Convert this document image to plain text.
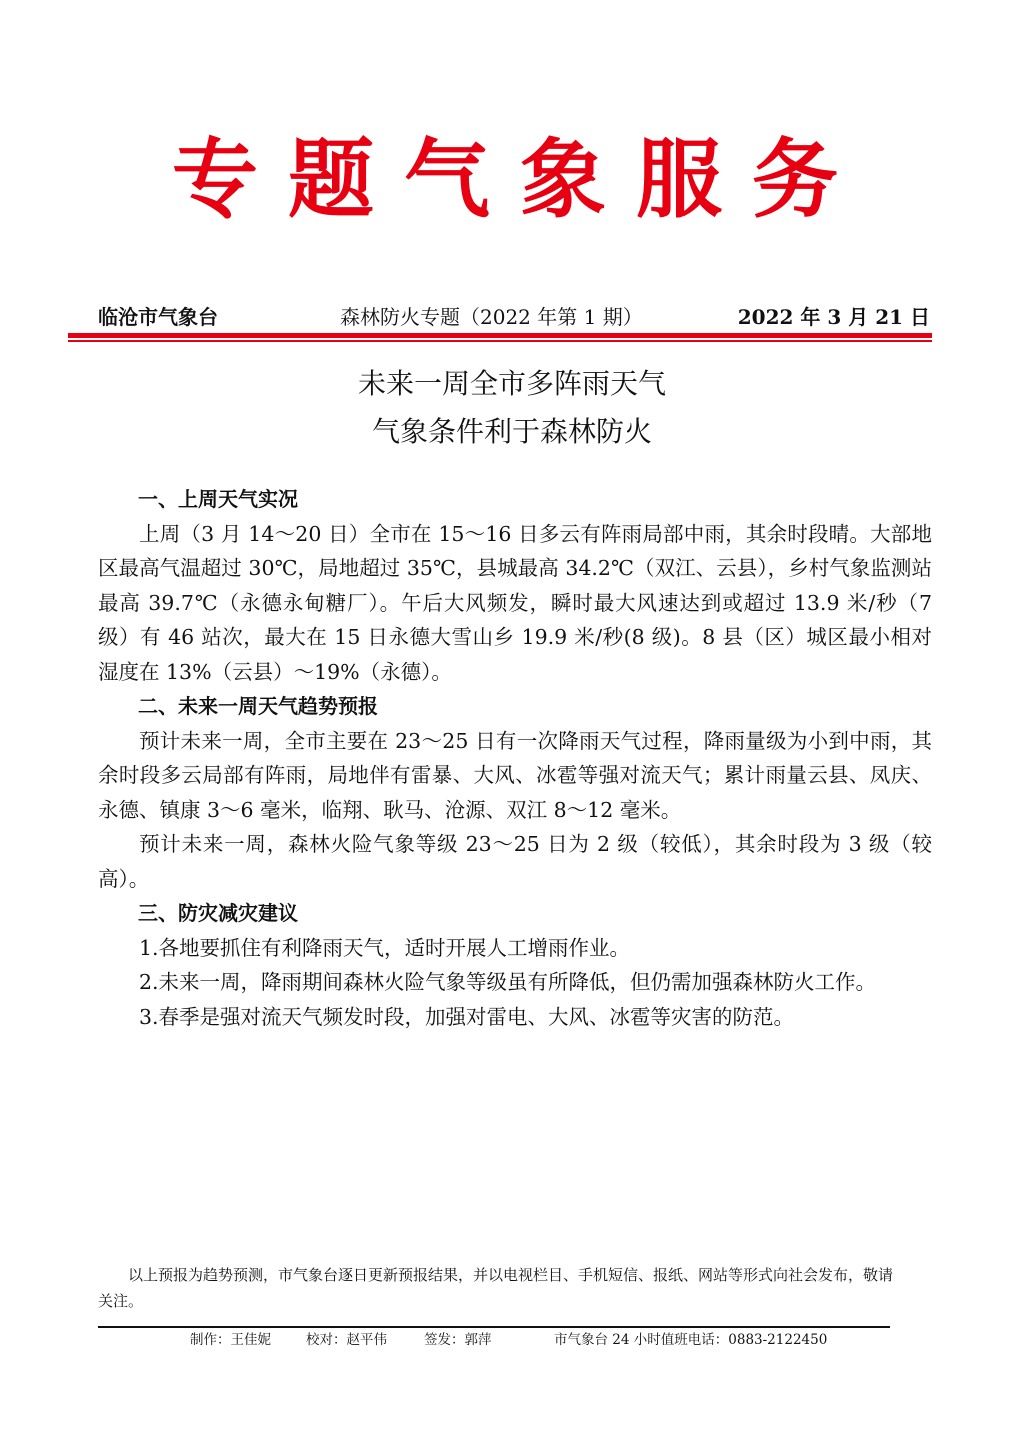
专题气象服务
临沧市气象台	森林防火专题（2022 年第 1 期）	2022 年 3 月 21 日
未来一周全市多阵雨天气
气象条件利于森林防火
一、上周天气实况

上周（3 月 14～20 日）全市在 15～16 日多云有阵雨局部中雨，其余时段晴。大部地区最高气温超过 30℃，局地超过 35℃，县城最高 34.2℃（双江、云县），乡村气象监测站最高 39.7℃（永德永甸糖厂）。午后大风频发，瞬时最大风速达到或超过 13.9 米/秒（7 级）有 46 站次，最大在 15 日永德大雪山乡 19.9 米/秒(8 级)。8 县（区）城区最小相对湿度在 13%（云县）～19%（永德）。

二、未来一周天气趋势预报

预计未来一周，全市主要在 23～25 日有一次降雨天气过程，降雨量级为小到中雨，其余时段多云局部有阵雨，局地伴有雷暴、大风、冰雹等强对流天气；累计雨量云县、凤庆、永德、镇康 3～6 毫米，临翔、耿马、沧源、双江 8～12 毫米。

预计未来一周，森林火险气象等级 23～25 日为 2 级（较低），其余时段为 3 级（较高）。

三、防灾减灾建议

1.各地要抓住有利降雨天气，适时开展人工增雨作业。

2.未来一周，降雨期间森林火险气象等级虽有所降低，但仍需加强森林防火工作。

3.春季是强对流天气频发时段，加强对雷电、大风、冰雹等灾害的防范。

以上预报为趋势预测，市气象台逐日更新预报结果，并以电视栏目、手机短信、报纸、网站等形式向社会发布，敬请关注。
制作：王佳妮	校对：赵平伟	签发：郭萍	市气象台 24 小时值班电话：0883-2122450
